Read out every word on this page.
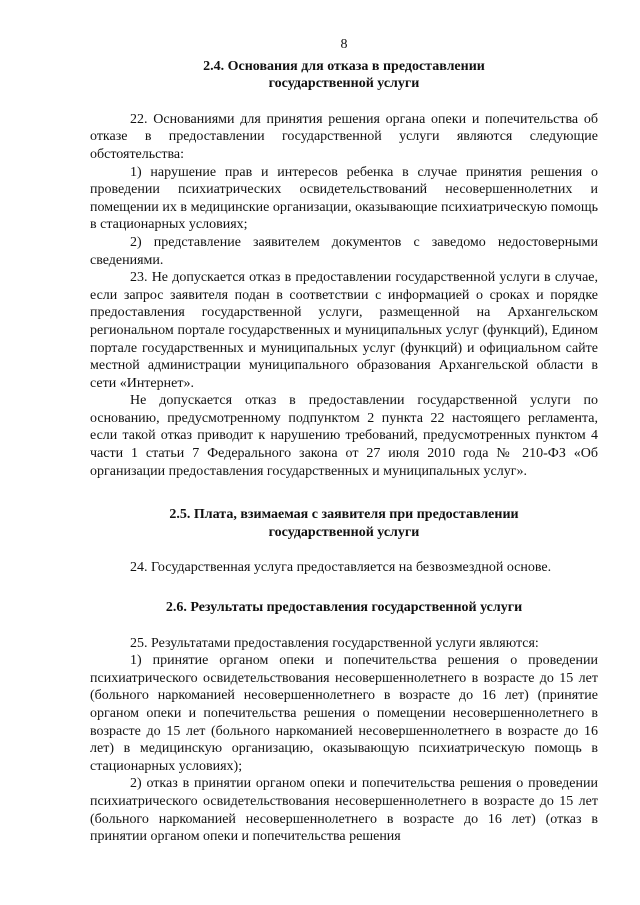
8

2.4. Основания для отказа в предоставлении

государственной услуги

22. Основаниями для принятия решения органа опеки и попечительства об отказе в предоставлении государственной услуги являются следующие обстоятельства:

1) нарушение прав и интересов ребенка в случае принятия решения о проведении психиатрических освидетельствований несовершеннолетних и помещении их в медицинские организации, оказывающие психиатрическую помощь в стационарных условиях;

2) представление заявителем документов с заведомо недостоверными сведениями.

23. Не допускается отказ в предоставлении государственной услуги в случае, если запрос заявителя подан в соответствии с информацией о сроках и порядке предоставления государственной услуги, размещенной на Архангельском региональном портале государственных и муниципальных услуг (функций), Едином портале государственных и муниципальных услуг (функций) и официальном сайте местной администрации муниципального образования Архангельской области в сети «Интернет».

Не допускается отказ в предоставлении государственной услуги по основанию, предусмотренному подпунктом 2 пункта 22 настоящего регламента, если такой отказ приводит к нарушению требований, предусмотренных пунктом 4 части 1 статьи 7 Федерального закона от 27 июля 2010 года № 210-ФЗ «Об организации предоставления государственных и муниципальных услуг».

2.5. Плата, взимаемая с заявителя при предоставлении

государственной услуги

24. Государственная услуга предоставляется на безвозмездной основе.

2.6. Результаты предоставления государственной услуги

25. Результатами предоставления государственной услуги являются:

1) принятие органом опеки и попечительства решения о проведении психиатрического освидетельствования несовершеннолетнего в возрасте до 15 лет (больного наркоманией несовершеннолетнего в возрасте до 16 лет) (принятие органом опеки и попечительства решения о помещении несовершеннолетнего в возрасте до 15 лет (больного наркоманией несовершеннолетнего в возрасте до 16 лет) в медицинскую организацию, оказывающую психиатрическую помощь в стационарных условиях);

2) отказ в принятии органом опеки и попечительства решения о проведении психиатрического освидетельствования несовершеннолетнего в возрасте до 15 лет (больного наркоманией несовершеннолетнего в возрасте до 16 лет) (отказ в принятии органом опеки и попечительства решения
